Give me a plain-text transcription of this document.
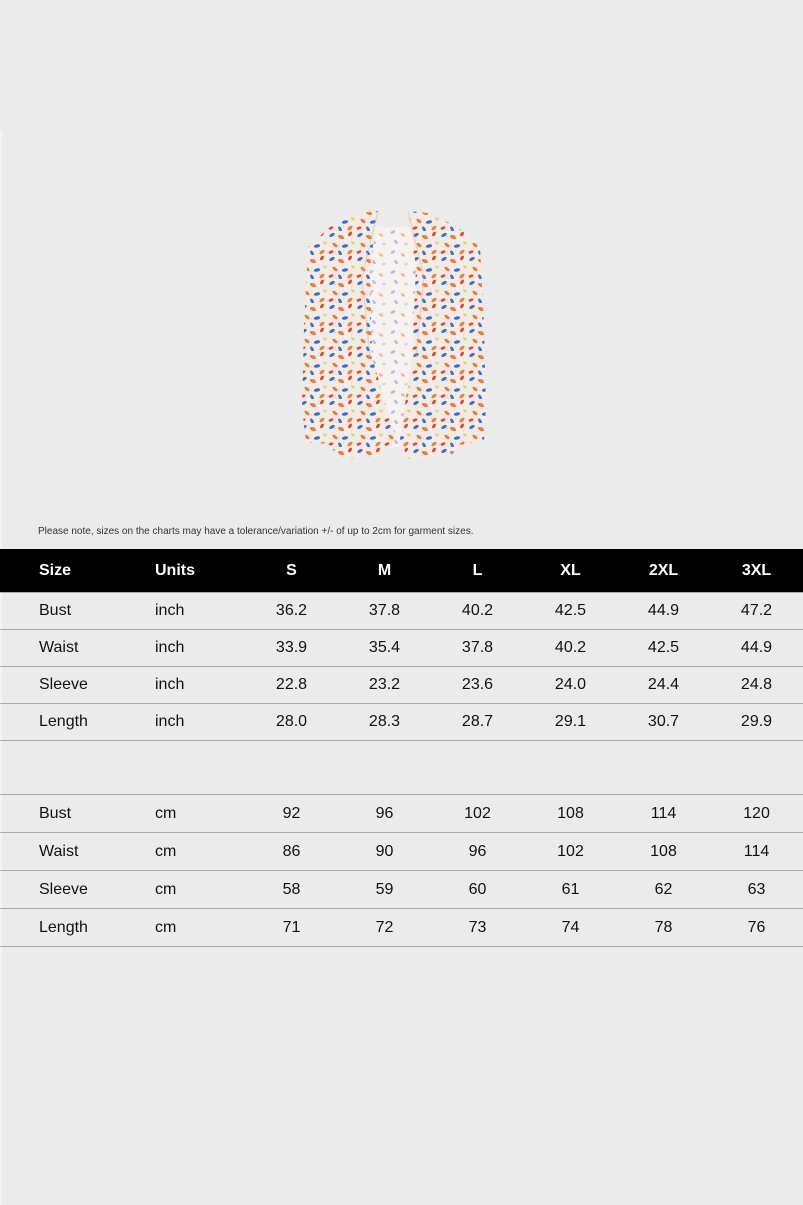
Please note, sizes on the charts may have a tolerance/variation +/- of up to 2cm for garment sizes.
Size	Units	S	M	L	XL	2XL	3XL
Bust	inch	36.2	37.8	40.2	42.5	44.9	47.2
Waist	inch	33.9	35.4	37.8	40.2	42.5	44.9
Sleeve	inch	22.8	23.2	23.6	24.0	24.4	24.8
Length	inch	28.0	28.3	28.7	29.1	30.7	29.9
Bust	cm	92	96	102	108	114	120
Waist	cm	86	90	96	102	108	114
Sleeve	cm	58	59	60	61	62	63
Length	cm	71	72	73	74	78	76
